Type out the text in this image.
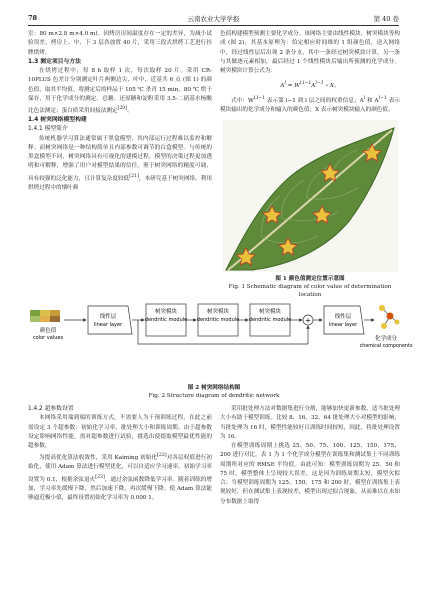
78	云南农业大学学报	第 40 卷

室：80 m×2.8 m×4.0 m)。因烤房房间温度存在一定的差异，为减小试验误差，烤房上、中、下 3 层各放置 40 片，采用三段式烘烤工艺进行挂牌烘烤。

1.3 测定项目与方法

在烘烤过程中，每 8 h 取样 1 次，每次取样 20 片。采用 CR-10PLUS 色差计分别测定叶片两侧边尖、叶中、近基共 6 点 (图 1) 的颜色值，取其平均值。将测定后的样品于 105 ℃ 杀青 15 min，80 ℃ 烘干保存，用于化学成分的测定。总糖、还原糖和淀粉采用 3.5-二硝基水杨酸比色法测定；蛋白质采用间接法测定[20]。

1.4 树突网络模型构建

1.4.1 模型简介

传统机器学习算法通常属于黑盒模型，其内部运行过程难以监控和解释；而树突网络是一种结构简单且内部参数可调节的白盒模型。与传统的黑盒模型不同，树突网络具有可视化的建模过程，模型的决策过程更加透明和可解释，增强了用户对模型结果的信任。鉴于树突网络的精度可调，具有较强的泛化能力，且计算复杂度较低[21]，本研究基于树突网络，利用烘烤过程中的烟叶颜

色值构建模型预测主要化学成分。该网络主要由线性模块、树突模块等构成 (图 2)，其基本原理为：给定相应时间维的 1 组颜色值，送入网络中，经过线性层后出现 2 条分支，其中一条经过树突模块计算，另一条与其做逐元素相加，最后经过 1 个线性模块后输出所预测的化学成分。树突模块计算公式为：

$A^l = W^{l,l-1}A^{l-1}$ ∘ X。

式中：$W^{l,l-1}$ 表示第 l−1 到 l 层之间的权重信息；$A^l$ 和 $A^{l-1}$ 表示模块输出的化学成分和输入的颜色值；X 表示树突模块输入的颜色值。

图 1 颜色值测定位置示意图
Fig. 1 Schematic diagram of color value of determination location
颜色值
color values
线性层
linear layer
树突模块
dendritic module
树突模块
dendritic module
树突模块
dendritic module +	线性层
linear layer
化学成分
chemical components
图 2 树突网络结构图
Fig. 2 Structure diagram of dendritic network

1.4.2 超参数设置

本网络采用端到端的训练方式，不需要人为干预训练过程，在此之前需设定 3 个超参数：初始化学习率、批处理大小和训练周期。由于超参数设定影响网络性能，需对超参数进行试验，挑选出使提取模型最优性能的超参数。

为提高优化算法收敛性，采用 Kaiming 初始化[22]对各层权值进行初始化，使用 Adam 算法进行模型优化，可以自适应学习速率，初始学习率设置为 0.1，根据余弦退火[23]，通过余弦函数降低学习率。随着训练的增加，学习率先缓慢下降，然后加速下降，再次缓慢下降。使 Adam 算法能够逼近极小值，最终设置初始化学习率为 0.000 1。

采用批处理方法对数据集进行分割，能够加快更新参数，适当批处理大小有助于模型训练。比较 8、16、32、64 批处理大小对模型的影响，当批处理为 16 时，模型性能较好且训练时间较短，因此，将批处理设置为 16。

在模型训练周期上挑选 25、50、75、100、125、150、175、200 进行对比。表 1 为 1 个化学成分模型在训练集和测试集上不同训练周期所对应的 RMSE 平均值。由此可知：模型训练周期为 25、50 和 75 时，模型整体上呈现较大误差，这是因为训练周期太短，模型欠拟合；当模型训练周期为 125、150、175 和 200 时，模型在训练集上表现较好，但在测试集上表现较差，模型出现过拟合现象，从而难以在未知分布数据上取得
